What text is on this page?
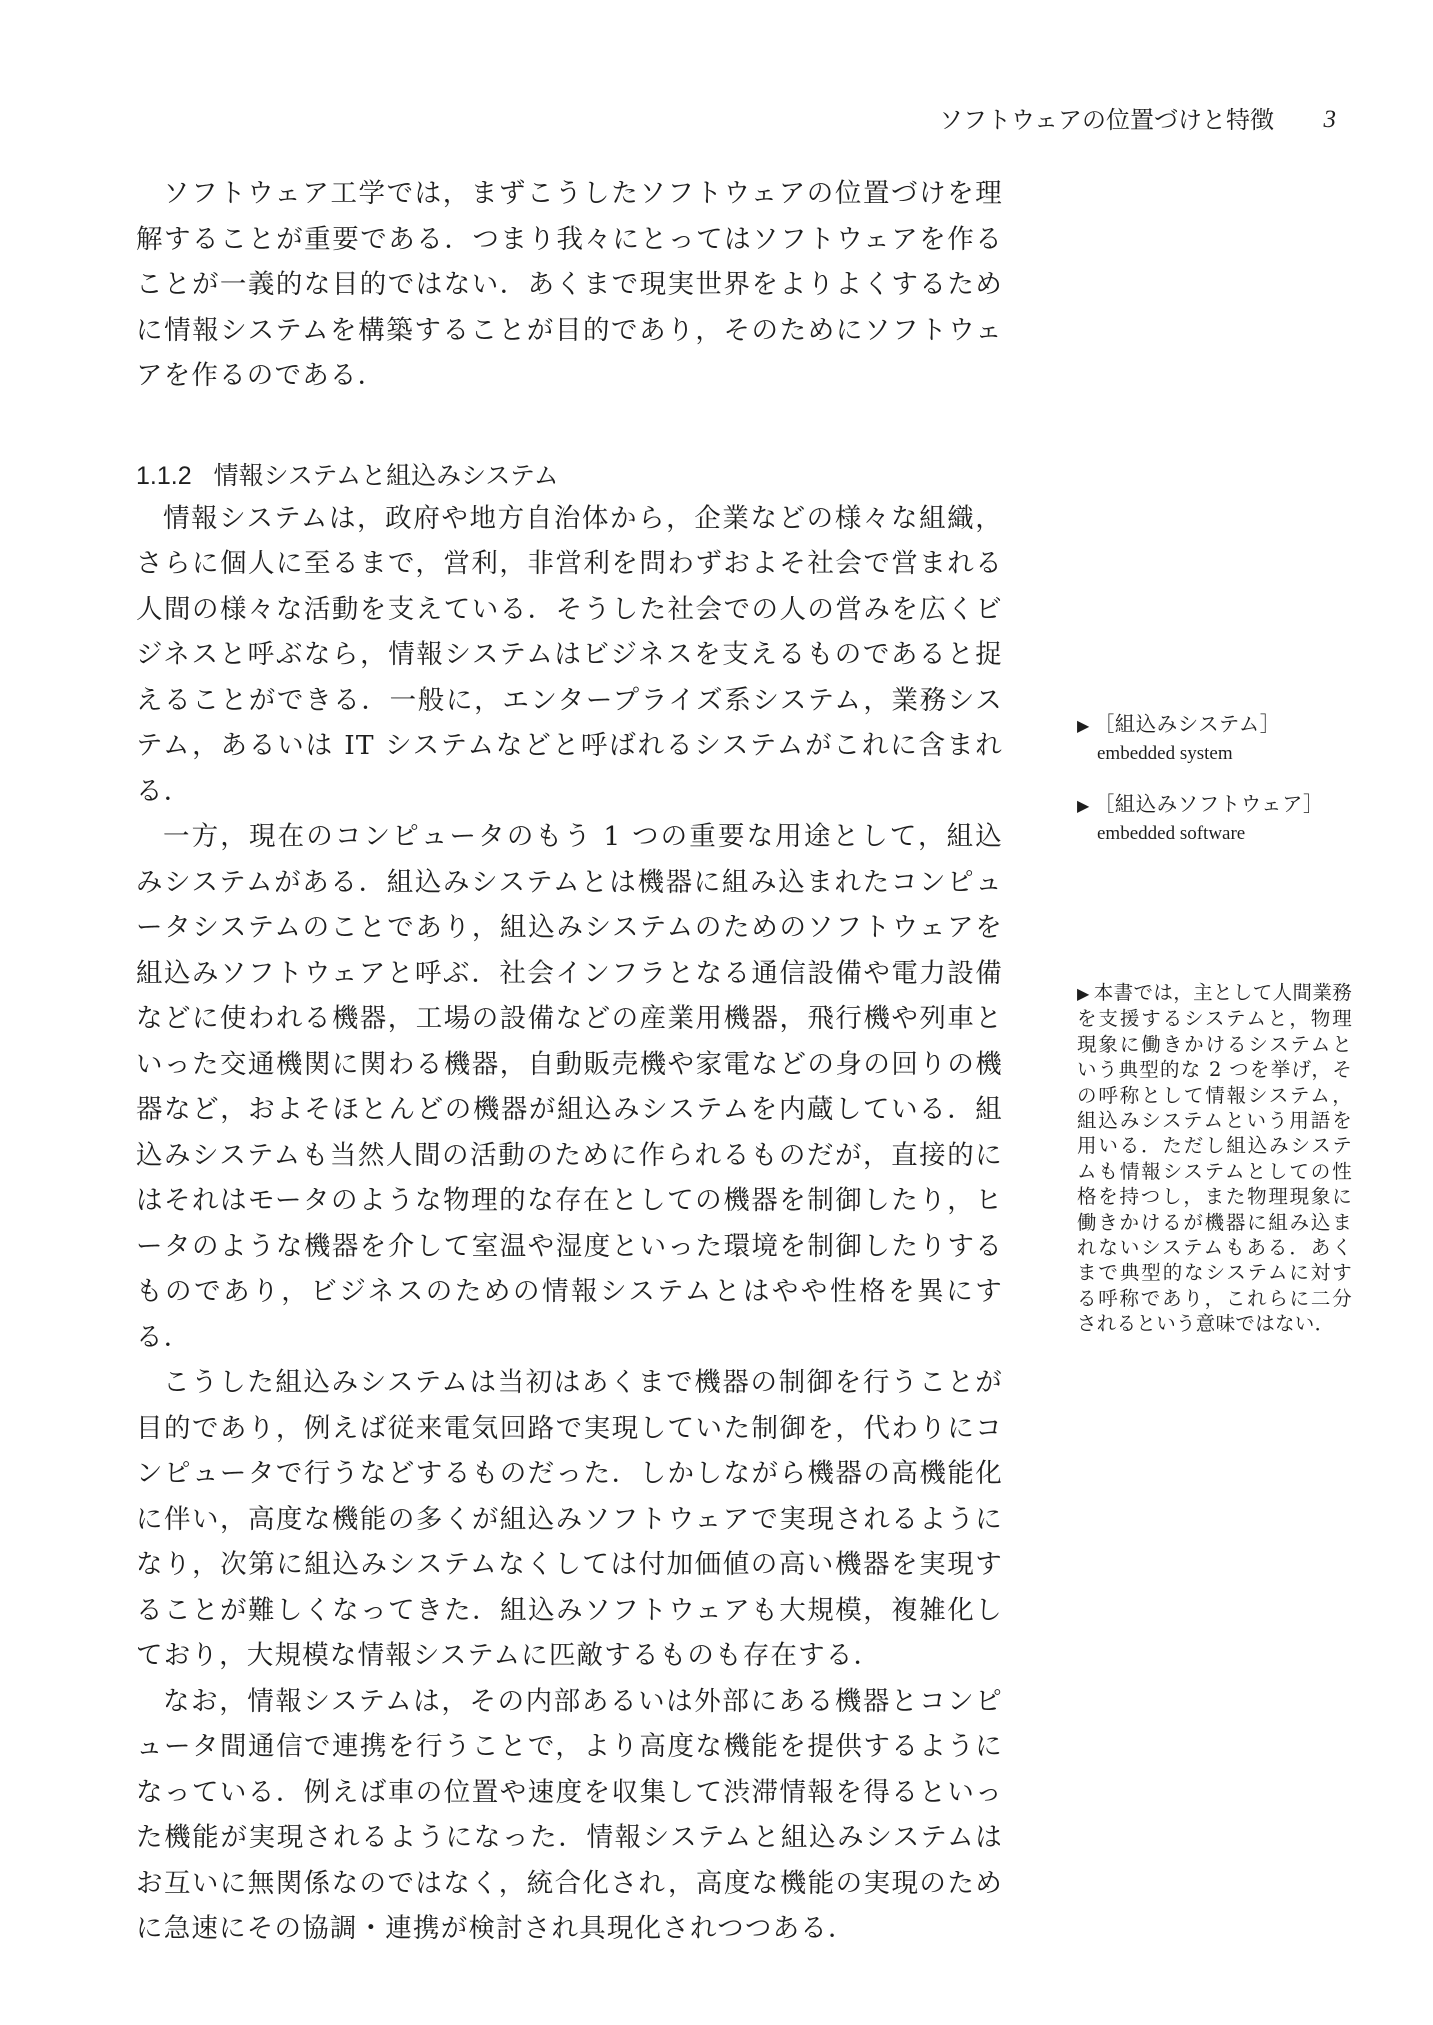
ソフトウェアの位置づけと特徴 3

ソフトウェア工学では，まずこうしたソフトウェアの位置づけを理解することが重要である．つまり我々にとってはソフトウェアを作ることが一義的な目的ではない．あくまで現実世界をよりよくするために情報システムを構築することが目的であり，そのためにソフトウェアを作るのである．

1.1.2 情報システムと組込みシステム

情報システムは，政府や地方自治体から，企業などの様々な組織，さらに個人に至るまで，営利，非営利を問わずおよそ社会で営まれる人間の様々な活動を支えている．そうした社会での人の営みを広くビジネスと呼ぶなら，情報システムはビジネスを支えるものであると捉えることができる．一般に，エンタープライズ系システム，業務システム，あるいは IT システムなどと呼ばれるシステムがこれに含まれる．

一方，現在のコンピュータのもう 1 つの重要な用途として，組込みシステムがある．組込みシステムとは機器に組み込まれたコンピュータシステムのことであり，組込みシステムのためのソフトウェアを組込みソフトウェアと呼ぶ．社会インフラとなる通信設備や電力設備などに使われる機器，工場の設備などの産業用機器，飛行機や列車といった交通機関に関わる機器，自動販売機や家電などの身の回りの機器など，およそほとんどの機器が組込みシステムを内蔵している．組込みシステムも当然人間の活動のために作られるものだが，直接的にはそれはモータのような物理的な存在としての機器を制御したり，ヒータのような機器を介して室温や湿度といった環境を制御したりするものであり，ビジネスのための情報システムとはやや性格を異にする．

こうした組込みシステムは当初はあくまで機器の制御を行うことが目的であり，例えば従来電気回路で実現していた制御を，代わりにコンピュータで行うなどするものだった．しかしながら機器の高機能化に伴い，高度な機能の多くが組込みソフトウェアで実現されるようになり，次第に組込みシステムなくしては付加価値の高い機器を実現することが難しくなってきた．組込みソフトウェアも大規模，複雑化しており，大規模な情報システムに匹敵するものも存在する．

なお，情報システムは，その内部あるいは外部にある機器とコンピュータ間通信で連携を行うことで，より高度な機能を提供するようになっている．例えば車の位置や速度を収集して渋滞情報を得るといった機能が実現されるようになった．情報システムと組込みシステムはお互いに無関係なのではなく，統合化され，高度な機能の実現のために急速にその協調・連携が検討され具現化されつつある．

▶ ［組込みシステム］
embedded system
▶ ［組込みソフトウェア］
embedded software
▶ 本書では，主として人間業務を支援するシステムと，物理現象に働きかけるシステムという典型的な 2 つを挙げ，その呼称として情報システム，組込みシステムという用語を用いる．ただし組込みシステムも情報システムとしての性格を持つし，また物理現象に働きかけるが機器に組み込まれないシステムもある．あくまで典型的なシステムに対する呼称であり，これらに二分されるという意味ではない．
